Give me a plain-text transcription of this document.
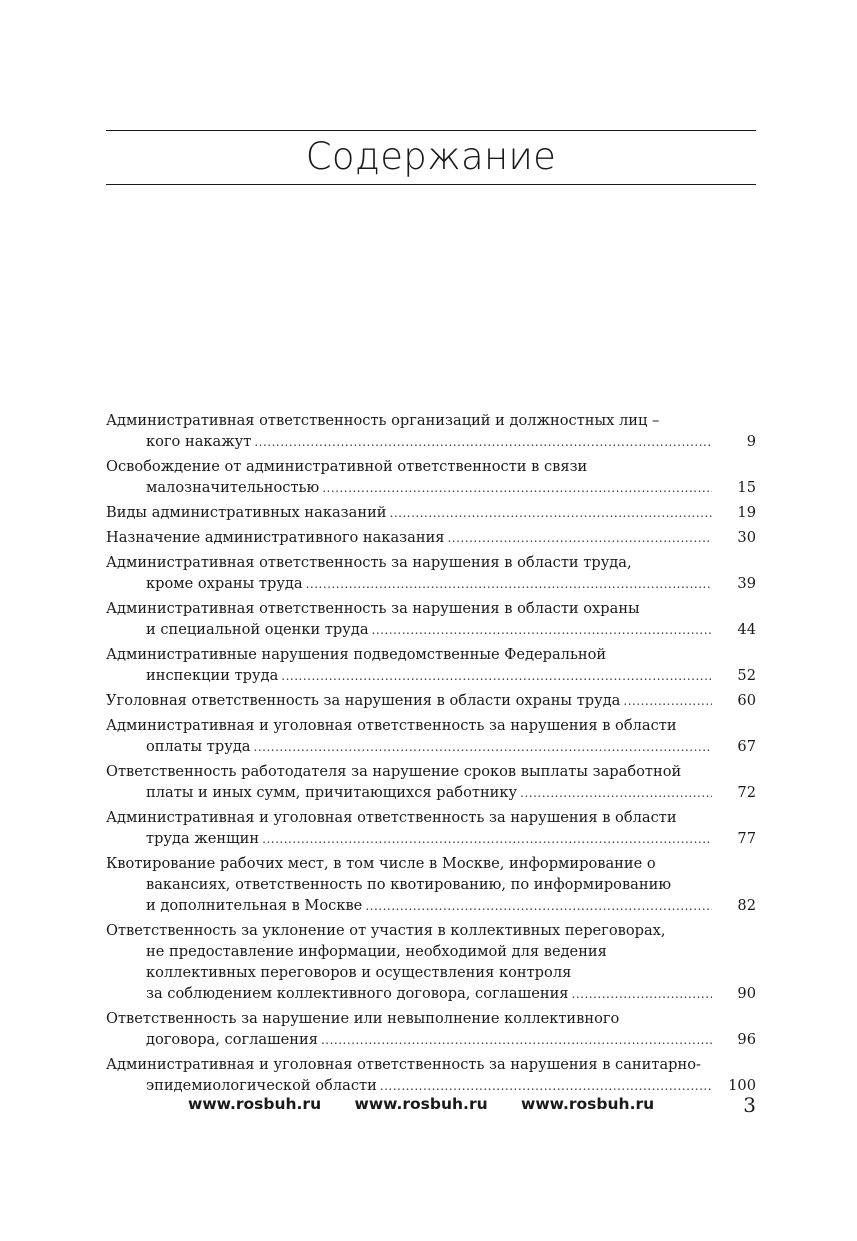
Содержание
Административная ответственность организаций и должностных лиц –
кого накажут .....	9
Освобождение от административной ответственности в связи
малозначительностью .....	15
Виды административных наказаний .....	19
Назначение административного наказания .....	30
Административная ответственность за нарушения в области труда,
кроме охраны труда .....	39
Административная ответственность за нарушения в области охраны
и специальной оценки труда .....	44
Административные нарушения подведомственные Федеральной
инспекции труда .....	52
Уголовная ответственность за нарушения в области охраны труда .....	60
Административная и уголовная ответственность за нарушения в области
оплаты труда .....	67
Ответственность работодателя за нарушение сроков выплаты заработной
платы и иных сумм, причитающихся работнику .....	72
Административная и уголовная ответственность за нарушения в области
труда женщин .....	77
Квотирование рабочих мест, в том числе в Москве, информирование о
вакансиях, ответственность по квотированию, по информированию
и дополнительная в Москве .....	82
Ответственность за уклонение от участия в коллективных переговорах,
не предоставление информации, необходимой для ведения
коллективных переговоров и осуществления контроля
за соблюдением коллективного договора, соглашения .....	90
Ответственность за нарушение или невыполнение коллективного
договора, соглашения .....	96
Административная и уголовная ответственность за нарушения в санитарно-
эпидемиологической области .....	100
www.rosbuh.ru www.rosbuh.ru www.rosbuh.ru	3
